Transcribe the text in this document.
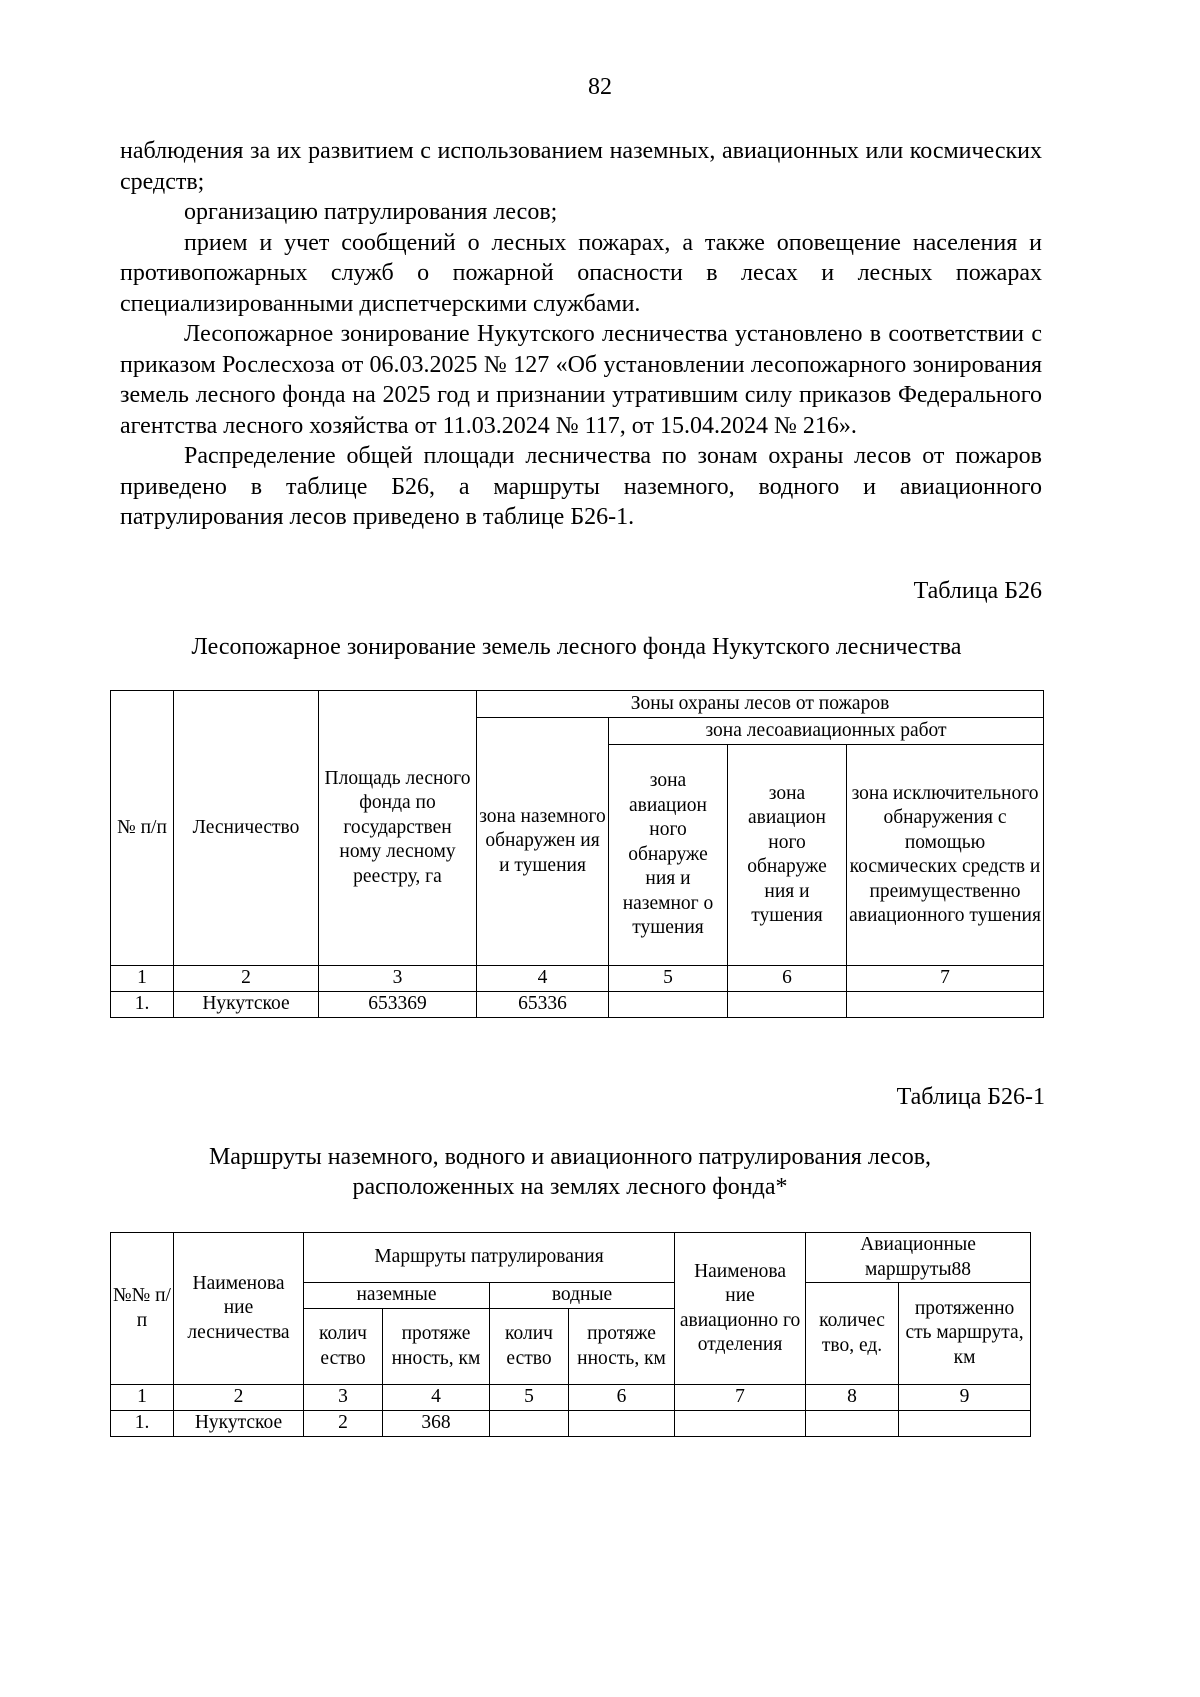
82

наблюдения за их развитием с использованием наземных, авиационных или космических средств;

организацию патрулирования лесов;

прием и учет сообщений о лесных пожарах, а также оповещение населения и противопожарных служб о пожарной опасности в лесах и лесных пожарах специализированными диспетчерскими службами.

Лесопожарное зонирование Нукутского лесничества установлено в соответствии с приказом Рослесхоза от 06.03.2025 № 127 «Об установлении лесопожарного зонирования земель лесного фонда на 2025 год и признании утратившим силу приказов Федерального агентства лесного хозяйства от 11.03.2024 № 117, от 15.04.2024 № 216».

Распределение общей площади лесничества по зонам охраны лесов от пожаров приведено в таблице Б26, а маршруты наземного, водного и авиационного патрулирования лесов приведено в таблице Б26-1.

Таблица Б26
Лесопожарное зонирование земель лесного фонда Нукутского лесничества
№ п/п	Лесничество	Площадь лесного фонда по государствен ному лесному реестру, га	Зоны охраны лесов от пожаров			
			зона наземного обнаружен ия и тушения	зона лесоавиационных работ		
				зона авиацион ного обнаруже ния и наземног о тушения	зона авиацион ного обнаруже ния и тушения	зона исключительного обнаружения с помощью космических средств и преимущественно авиационного тушения
1	2	3	4	5	6	7
1.	Нукутское	653369	65336			
Таблица Б26-1
Маршруты наземного, водного и авиационного патрулирования лесов,
расположенных на землях лесного фонда*
№№ п/п	Наименова ние лесничества	Маршруты патрулирования				Наименова ние авиационно го отделения	Авиационные маршруты88	
		наземные		водные			количес тво, ед.	протяженно сть маршрута, км
		колич ество	протяже нность, км	колич ество	протяже нность, км			
1	2	3	4	5	6	7	8	9
1.	Нукутское	2	368					
